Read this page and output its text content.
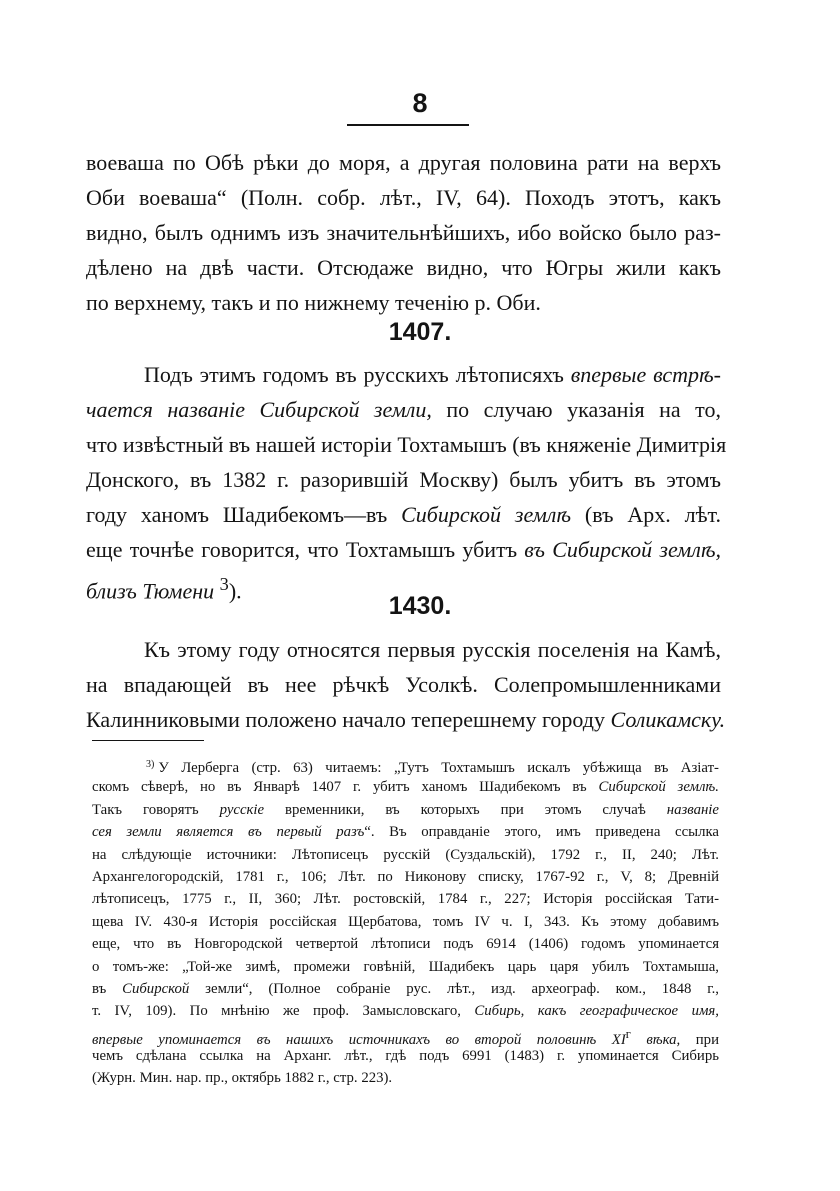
8
воевашa по Обѣ рѣки до моря, а другая половина рати на верхъ
Оби воеваша“ (Полн. собр. лѣт., IV, 64). Походъ этотъ, какъ
видно, былъ однимъ изъ значительнѣйшихъ, ибо войско было раз-
дѣлено на двѣ части. Отсюдаже видно, что Югры жили какъ
по верхнему, такъ и по нижнему теченію р. Оби.
1407.
Подъ этимъ годомъ въ русскихъ лѣтописяхъ впервые встрѣ-
чается названіе Сибирской земли, по случаю указанія на то,
что извѣстный въ нашей исторіи Тохтамышъ (въ княженіе Димитрія
Донского, въ 1382 г. разорившій Москву) былъ убитъ въ этомъ
году ханомъ Шадибекомъ—въ Сибирской землѣ (въ Арх. лѣт.
еще точнѣе говорится, что Тохтамышъ убитъ въ Сибирской землѣ,
близъ Тюмени $^3$).
1430.
Къ этому году относятся первыя русскія поселенія на Камѣ,
на впадающей въ нее рѣчкѣ Усолкѣ. Солепромышленниками
Калинниковыми положено начало теперешнему городу Соликамску.
$^{3)}$ У Лерберга (стр. 63) читаемъ: „Тутъ Тохтамышъ искалъ убѣжища въ Азіат-
скомъ сѣверѣ, но въ Январѣ 1407 г. убитъ ханомъ Шадибекомъ въ Сибирской землѣ.
Такъ говорятъ русскіе временники, въ которыхъ при этомъ случаѣ названіе
сея земли является въ первый разъ“. Въ оправданіе этого, имъ приведена ссылка
на слѣдующіе источники: Лѣтописецъ русскій (Суздальскій), 1792 г., II, 240; Лѣт.
Архангелогородскій, 1781 г., 106; Лѣт. по Никонову списку, 1767-92 г., V, 8; Древній
лѣтописецъ, 1775 г., II, 360; Лѣт. ростовскій, 1784 г., 227; Исторія россійская Тати-
щева IV. 430-я Исторія россійская Щербатова, томъ IV ч. I, 343. Къ этому добавимъ
еще, что въ Новгородской четвертой лѣтописи подъ 6914 (1406) годомъ упоминается
о томъ-же: „Той-же зимѣ, промежи говѣній, Шадибекъ царь царя убилъ Тохтамыша,
въ Сибирской земли“, (Полное собраніе рус. лѣт., изд. археограф. ком., 1848 г.,
т. IV, 109). По мнѣнію же проф. Замысловскаго, Сибирь, какъ географическое имя,
впервые упоминается въ нашихъ источникахъ во второй половинѣ $XI^г$ вѣка, при
чемъ сдѣлана ссылка на Арханг. лѣт., гдѣ подъ 6991 (1483) г. упоминается Сибирь
(Журн. Мин. нар. пр., октябрь 1882 г., стр. 223).
